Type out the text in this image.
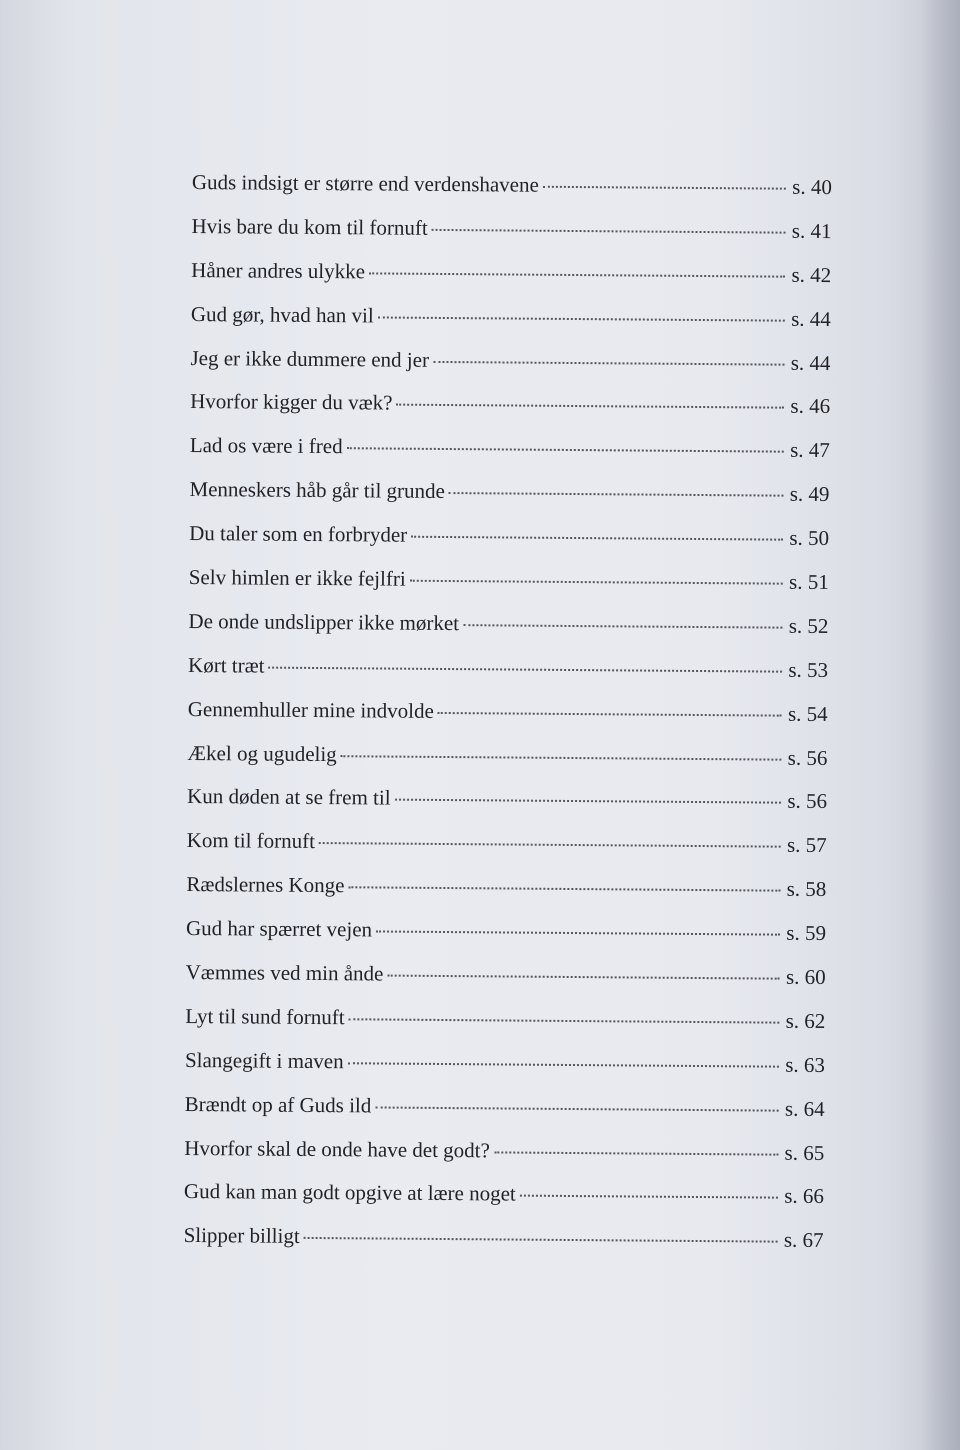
Guds indsigt er større end verdenshavene	s. 40
Hvis bare du kom til fornuft	s. 41
Håner andres ulykke	s. 42
Gud gør, hvad han vil	s. 44
Jeg er ikke dummere end jer	s. 44
Hvorfor kigger du væk?	s. 46
Lad os være i fred	s. 47
Menneskers håb går til grunde	s. 49
Du taler som en forbryder	s. 50
Selv himlen er ikke fejlfri	s. 51
De onde undslipper ikke mørket	s. 52
Kørt træt	s. 53
Gennemhuller mine indvolde	s. 54
Ækel og ugudelig	s. 56
Kun døden at se frem til	s. 56
Kom til fornuft	s. 57
Rædslernes Konge	s. 58
Gud har spærret vejen	s. 59
Væmmes ved min ånde	s. 60
Lyt til sund fornuft	s. 62
Slangegift i maven	s. 63
Brændt op af Guds ild	s. 64
Hvorfor skal de onde have det godt?	s. 65
Gud kan man godt opgive at lære noget	s. 66
Slipper billigt	s. 67
